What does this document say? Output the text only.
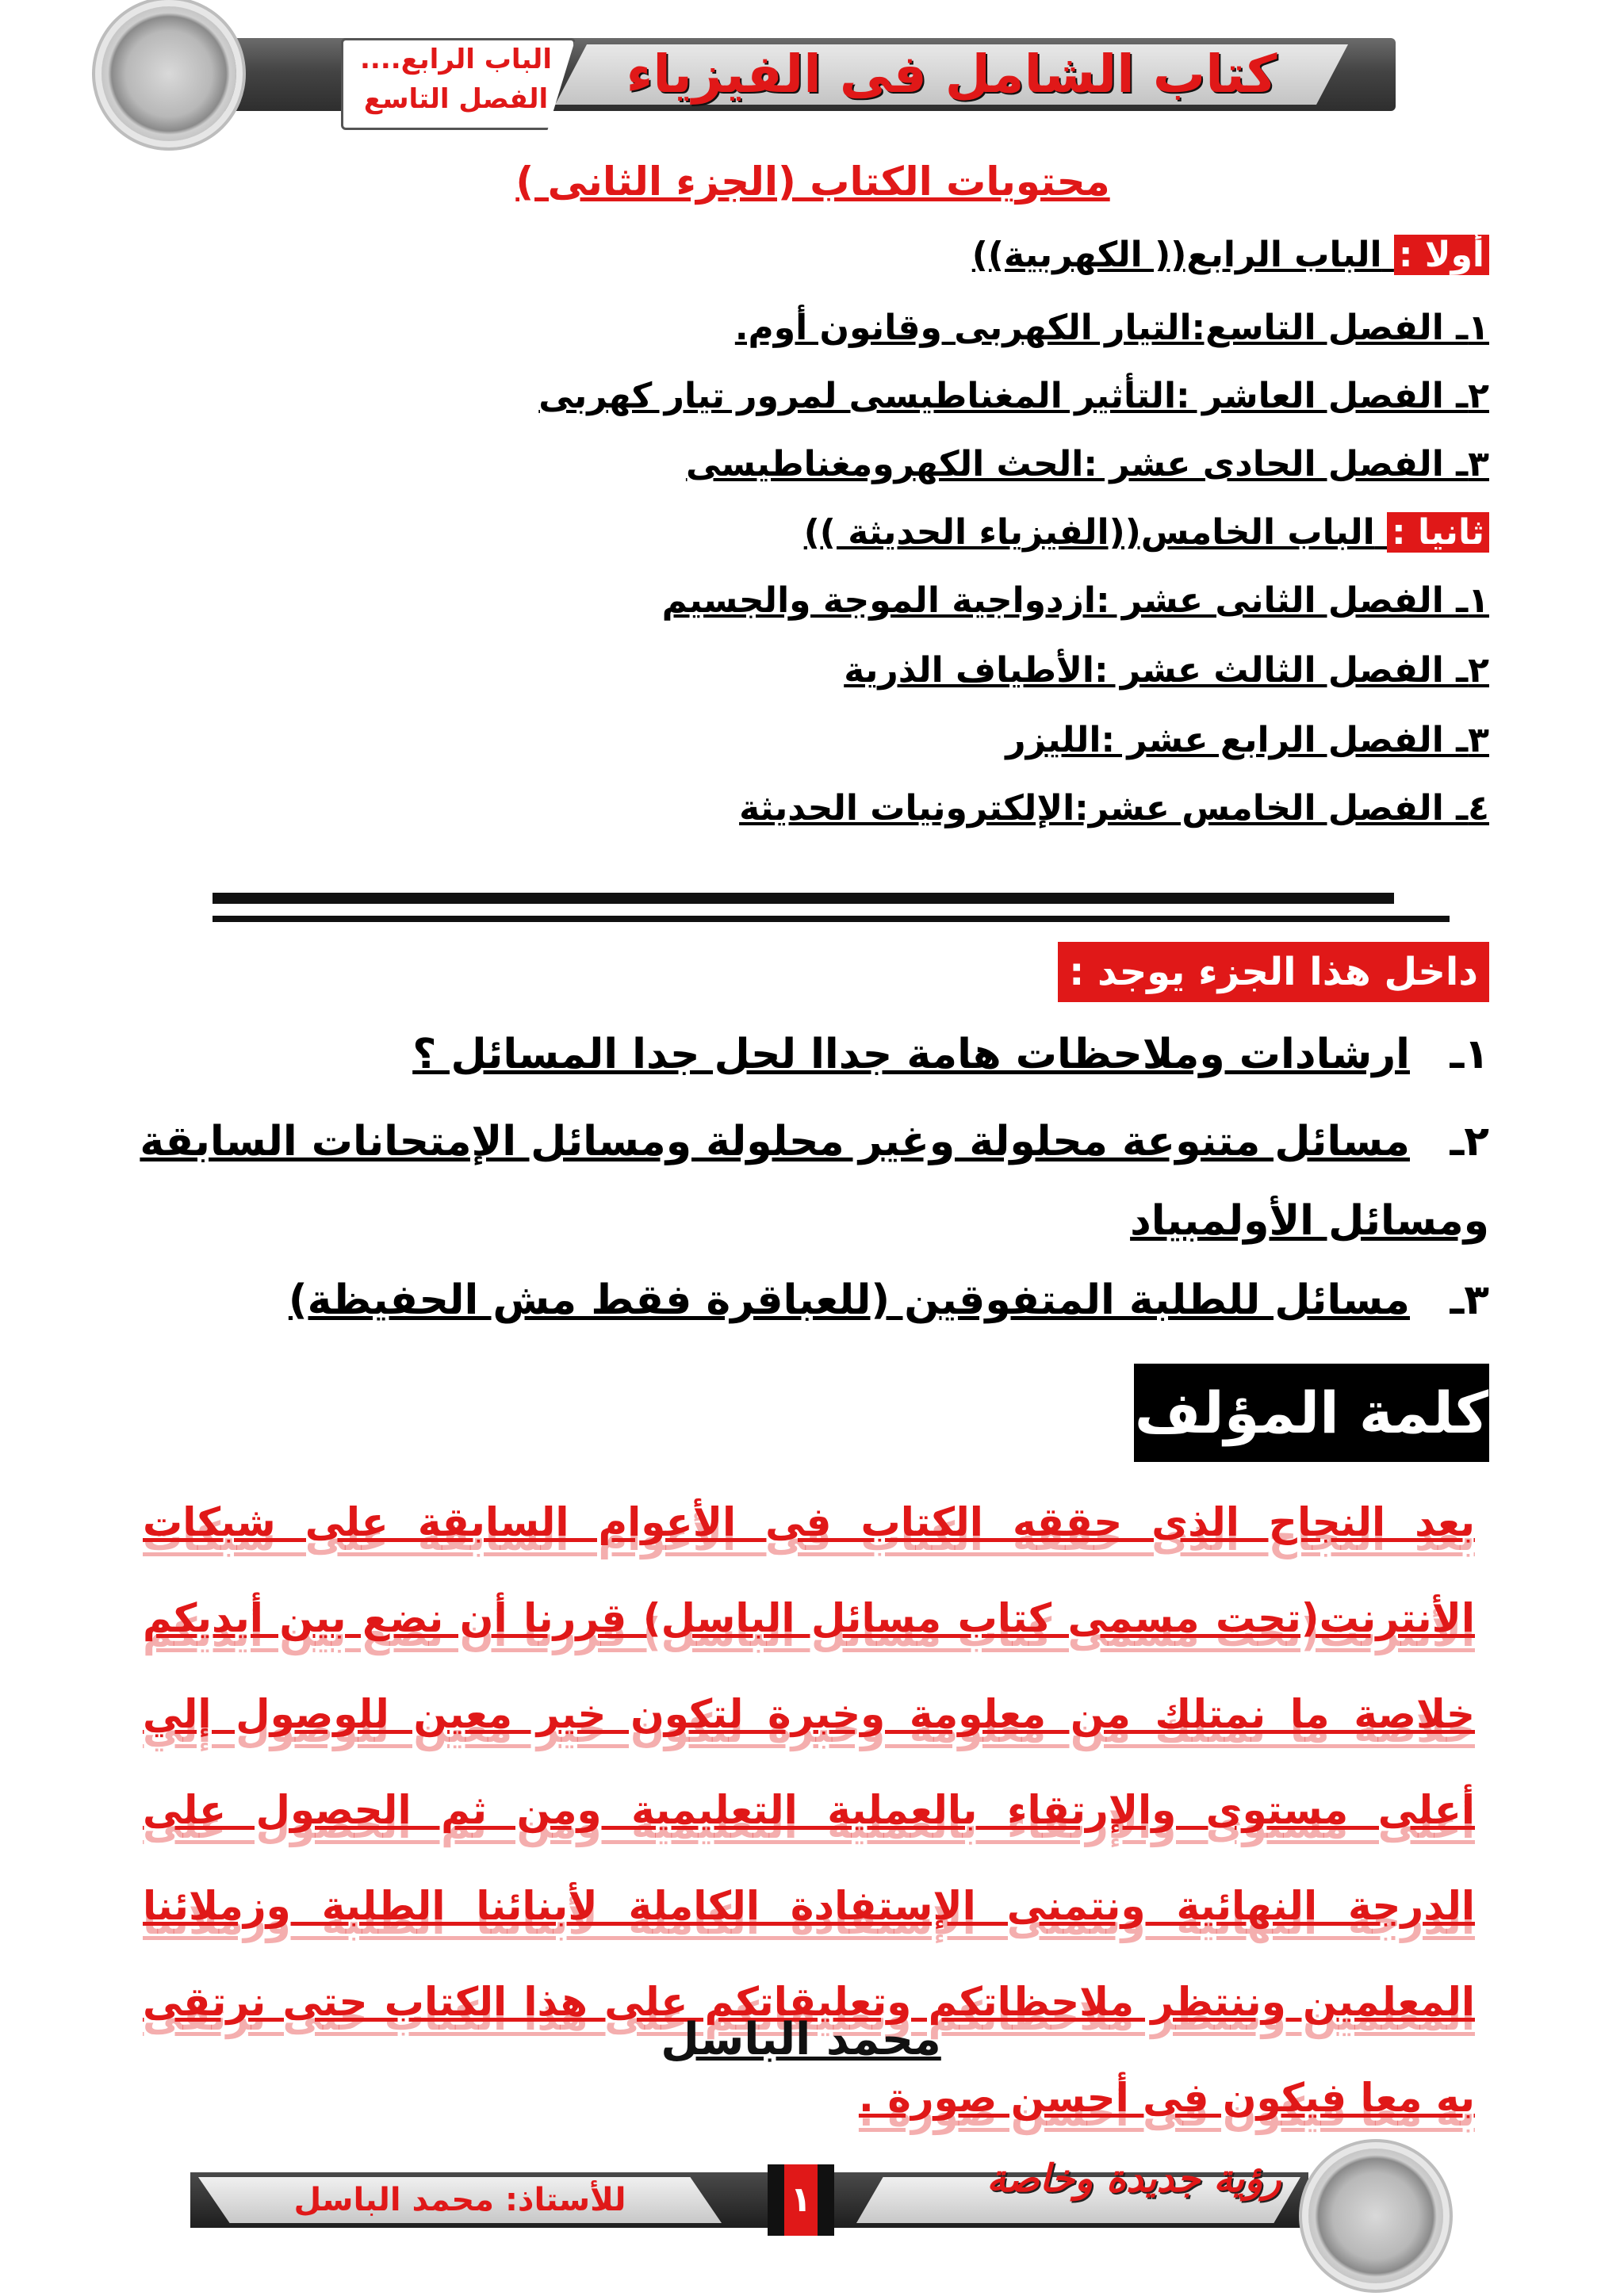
كتاب الشامل فى الفيزياء
الباب الرابع....
الفصل التاسع
محتويات الكتاب (الجزء الثانى )
أولا : الباب الرابع(( الكهربية))
١ـ الفصل التاسع:التيار الكهربى وقانون أوم.
٢ـ الفصل العاشر :التأثير المغناطيسى لمرور تيار كهربى
٣ـ الفصل الحادى عشر :الحث الكهرومغناطيسى
ثانيا : الباب الخامس((الفيزياء الحديثة ))
١ـ الفصل الثانى عشر :ازدواجية الموجة والجسيم
٢ـ الفصل الثالث عشر :الأطياف الذرية
٣ـ الفصل الرابع عشر :الليزر
٤ـ الفصل الخامس عشر:الإلكترونيات الحديثة
داخل هذا الجزء يوجد :
ارشادات وملاحظات هامة جداا لحل جدا المسائل ؟ ١ـ
مسائل متنوعة محلولة وغير محلولة ومسائل الإمتحانات السابقة ٢ـ
ومسائل الأولمبياد
مسائل للطلبة المتفوقين (للعباقرة فقط مش الحفيظة) ٣ـ
كلمة المؤلف
بعد النجاح الذى حققه الكتاب فى الأعوام السابقة على شبكات الأنترنت(تحت مسمى كتاب مسائل الباسل) قررنا أن نضع بين أيديكم خلاصة ما نمتلك من معلومة وخبرة لتكون خير معين للوصول إلي أعلى مستوى والإرتقاء بالعملية التعليمية ومن ثم الحصول على الدرجة النهائية ونتمنى الإستفادة الكاملة لأبنائنا الطلبة وزملائنا المعلمين وننتظر ملاحظاتكم وتعليقاتكم على هذا الكتاب حتى نرتقى به معا فيكون فى أحسن صورة .
محمد الباسل
للأستاذ: محمد الباسل	١	رؤية جديدة وخاصة
